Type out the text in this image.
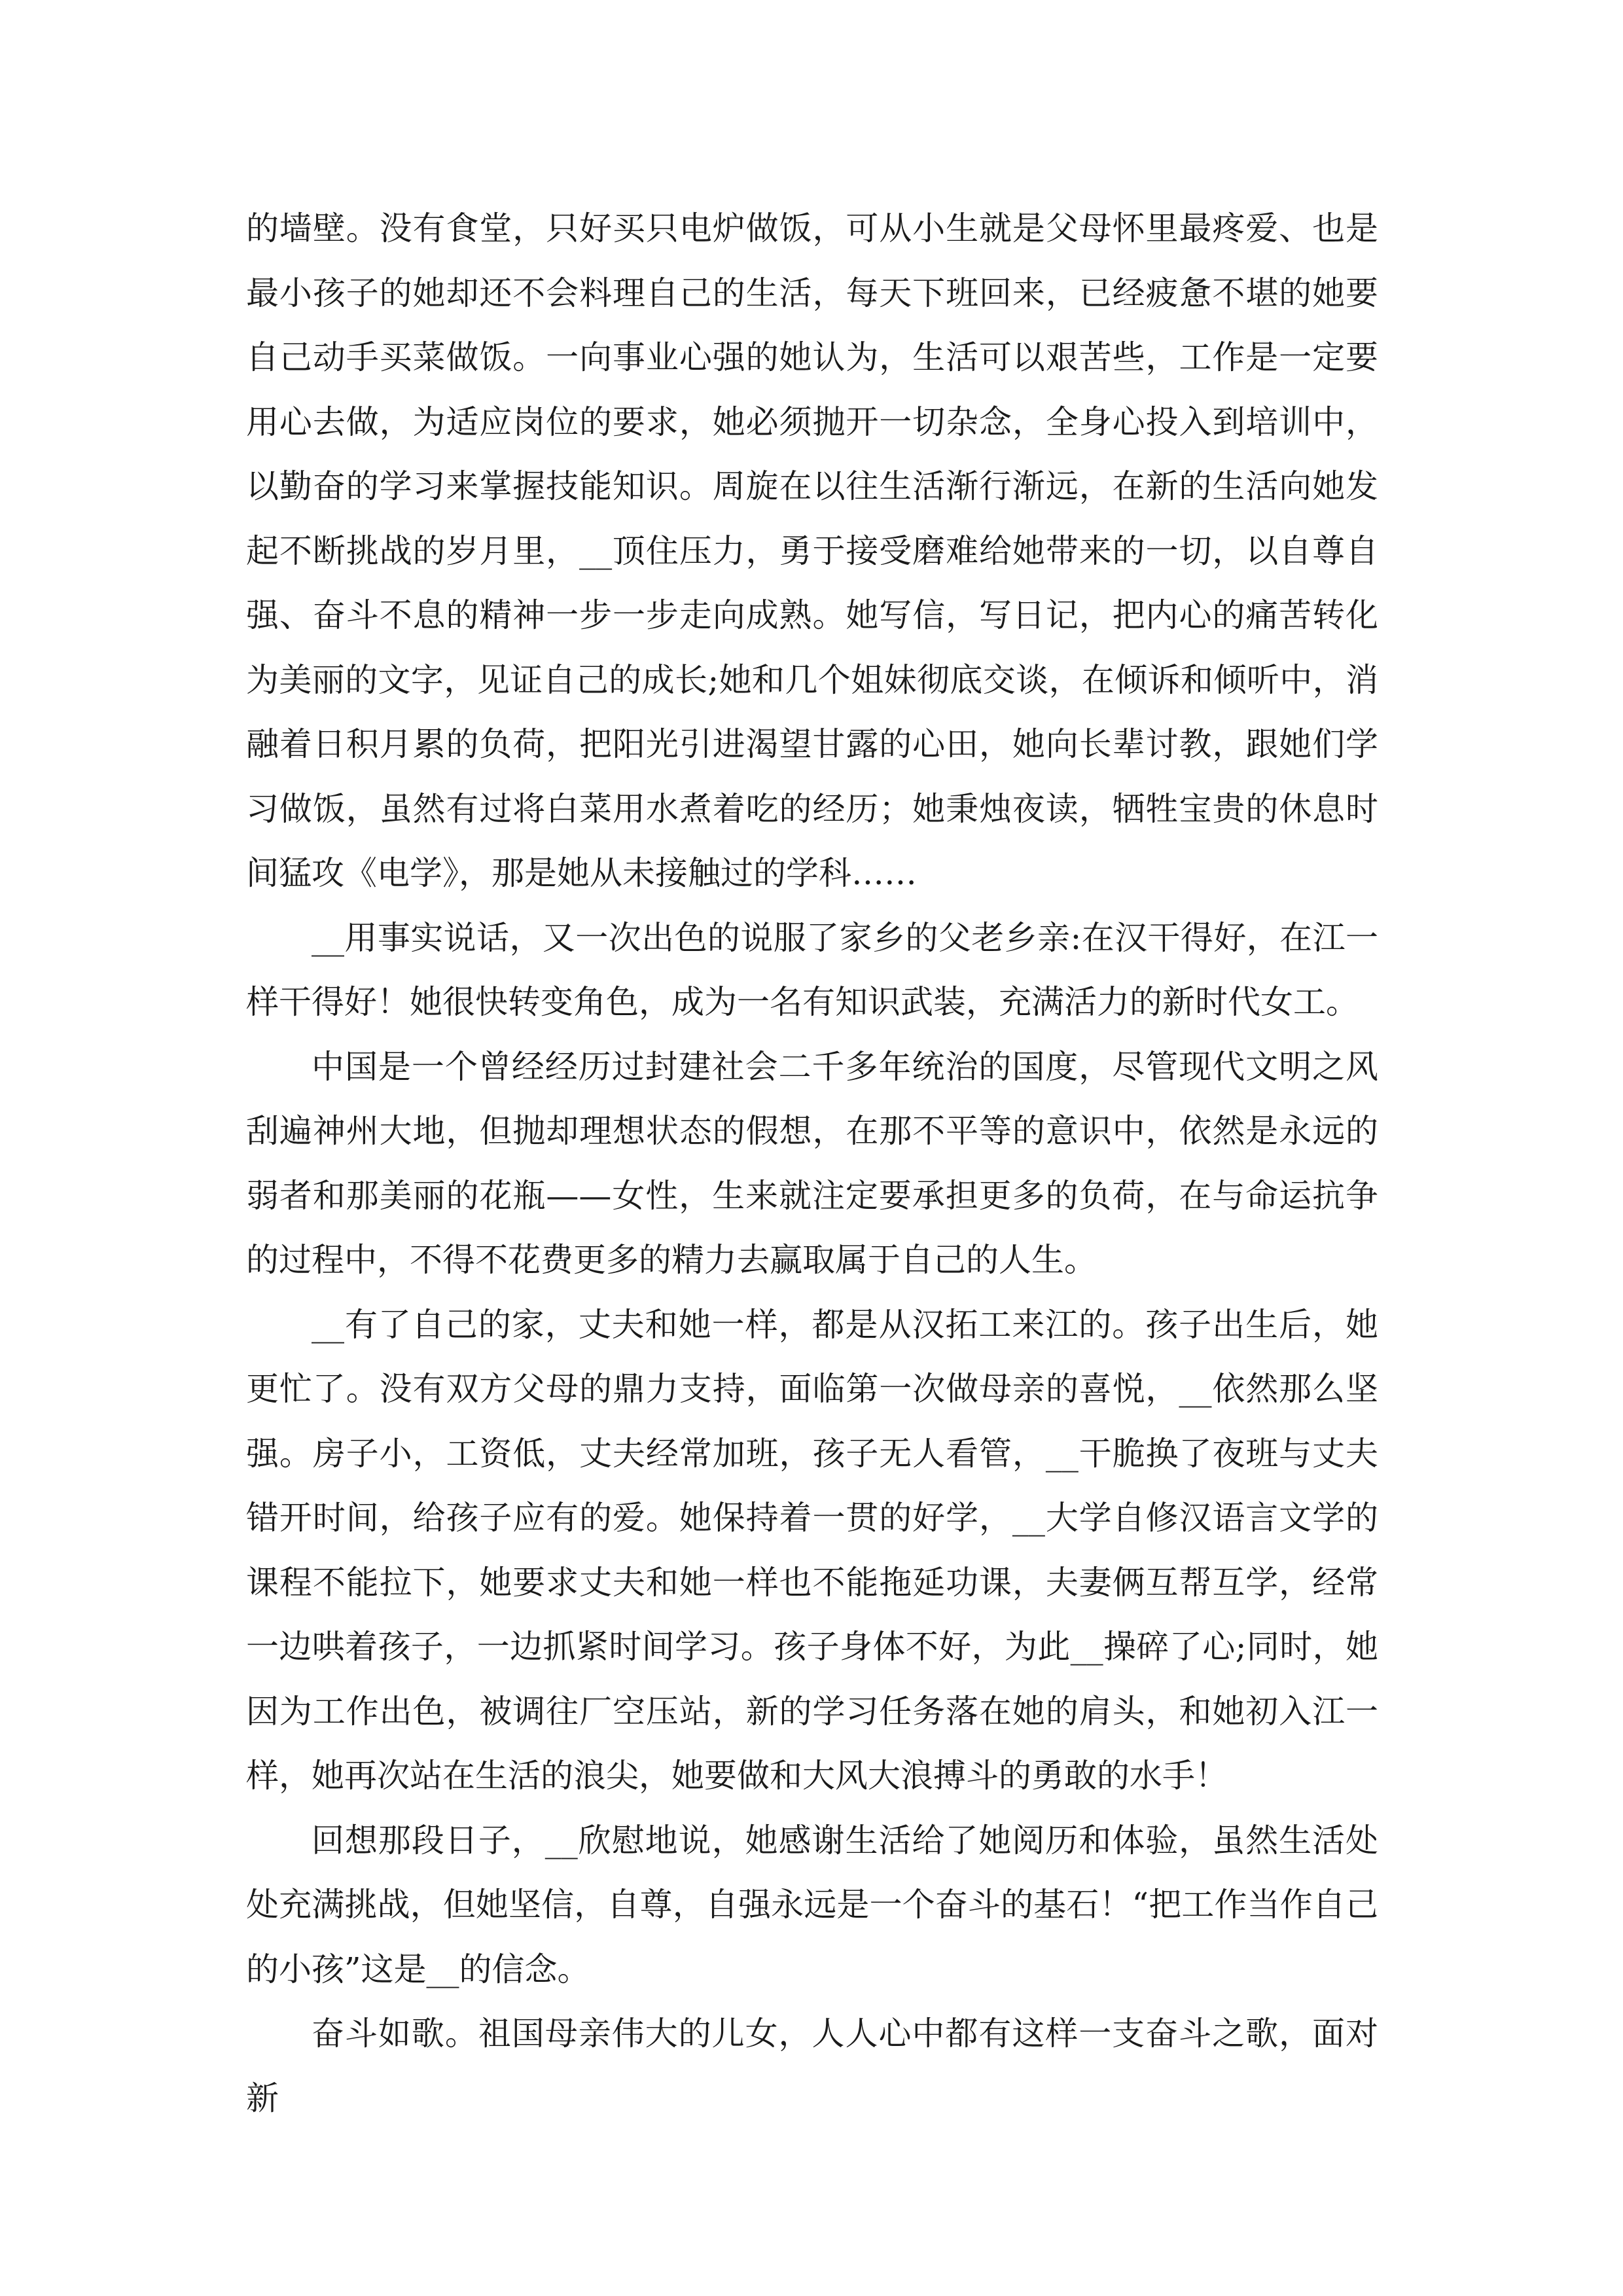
的墙壁。没有食堂，只好买只电炉做饭，可从小生就是父母怀里最疼爱、也是最小孩子的她却还不会料理自己的生活，每天下班回来，已经疲惫不堪的她要自己动手买菜做饭。一向事业心强的她认为，生活可以艰苦些，工作是一定要用心去做，为适应岗位的要求，她必须抛开一切杂念，全身心投入到培训中，以勤奋的学习来掌握技能知识。周旋在以往生活渐行渐远，在新的生活向她发起不断挑战的岁月里，__顶住压力，勇于接受磨难给她带来的一切，以自尊自强、奋斗不息的精神一步一步走向成熟。她写信，写日记，把内心的痛苦转化为美丽的文字，见证自己的成长;她和几个姐妹彻底交谈，在倾诉和倾听中，消融着日积月累的负荷，把阳光引进渴望甘露的心田，她向长辈讨教，跟她们学习做饭，虽然有过将白菜用水煮着吃的经历；她秉烛夜读，牺牲宝贵的休息时间猛攻《电学》，那是她从未接触过的学科……

__用事实说话，又一次出色的说服了家乡的父老乡亲:在汉干得好，在江一样干得好！她很快转变角色，成为一名有知识武装，充满活力的新时代女工。

中国是一个曾经经历过封建社会二千多年统治的国度，尽管现代文明之风刮遍神州大地，但抛却理想状态的假想，在那不平等的意识中，依然是永远的弱者和那美丽的花瓶——女性，生来就注定要承担更多的负荷，在与命运抗争的过程中，不得不花费更多的精力去赢取属于自己的人生。

__有了自己的家，丈夫和她一样，都是从汉拓工来江的。孩子出生后，她更忙了。没有双方父母的鼎力支持，面临第一次做母亲的喜悦，__依然那么坚强。房子小，工资低，丈夫经常加班，孩子无人看管，__干脆换了夜班与丈夫错开时间，给孩子应有的爱。她保持着一贯的好学，__大学自修汉语言文学的课程不能拉下，她要求丈夫和她一样也不能拖延功课，夫妻俩互帮互学，经常一边哄着孩子，一边抓紧时间学习。孩子身体不好，为此__操碎了心;同时，她因为工作出色，被调往厂空压站，新的学习任务落在她的肩头，和她初入江一样，她再次站在生活的浪尖，她要做和大风大浪搏斗的勇敢的水手！

回想那段日子，__欣慰地说，她感谢生活给了她阅历和体验，虽然生活处处充满挑战，但她坚信，自尊，自强永远是一个奋斗的基石！“把工作当作自己的小孩”这是__的信念。

奋斗如歌。祖国母亲伟大的儿女，人人心中都有这样一支奋斗之歌，面对新
